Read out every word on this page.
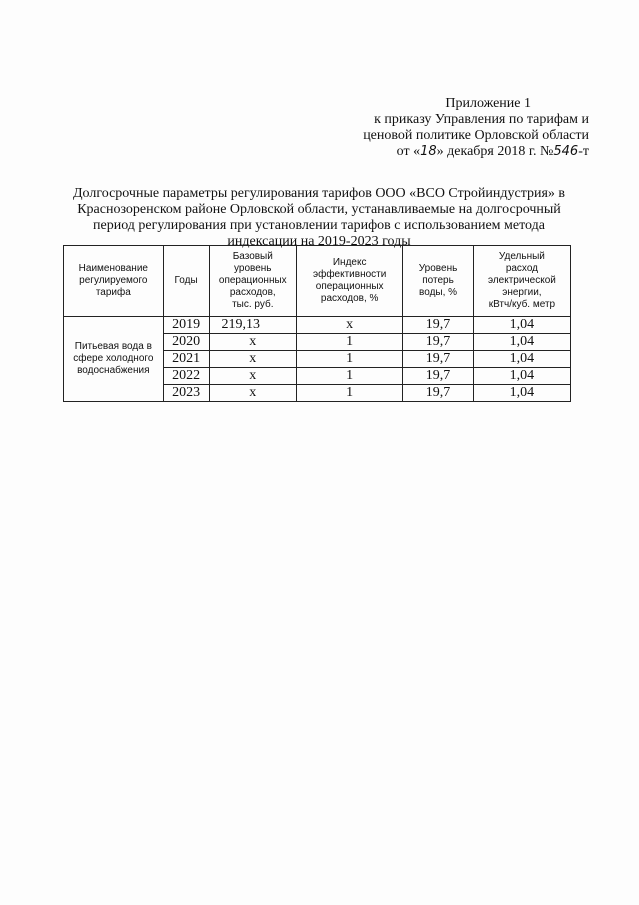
Приложение 1
к приказу Управления по тарифам и
ценовой политике Орловской области
от «18» декабря 2018 г. №546-т
Долгосрочные параметры регулирования тарифов ООО «ВСО Стройиндустрия» в
Краснозоренском районе Орловской области, устанавливаемые на долгосрочный
период регулирования при установлении тарифов с использованием метода
индексации на 2019-2023 годы
Наименование
регулируемого
тарифа	Годы	Базовый
уровень
операционных
расходов,
тыс. руб.	Индекс
эффективности
операционных
расходов, %	Уровень
потерь
воды, %	Удельный
расход
электрической
энергии,
кВтч/куб. метр

Питьевая вода в
сфере холодного
водоснабжения	2019	219,13	х	19,7	1,04
	2020	х	1	19,7	1,04
	2021	х	1	19,7	1,04
	2022	х	1	19,7	1,04
	2023	х	1	19,7	1,04
